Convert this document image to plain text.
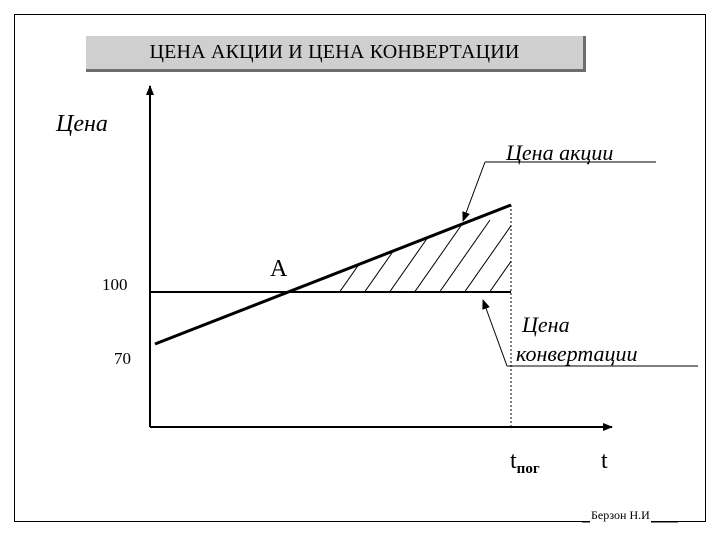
ЦЕНА АКЦИИ И ЦЕНА КОНВЕРТАЦИИ
Цена
100
70
A
Цена акции
Цена
конвертации
$t_{пог}$	t
Берзон Н.И
